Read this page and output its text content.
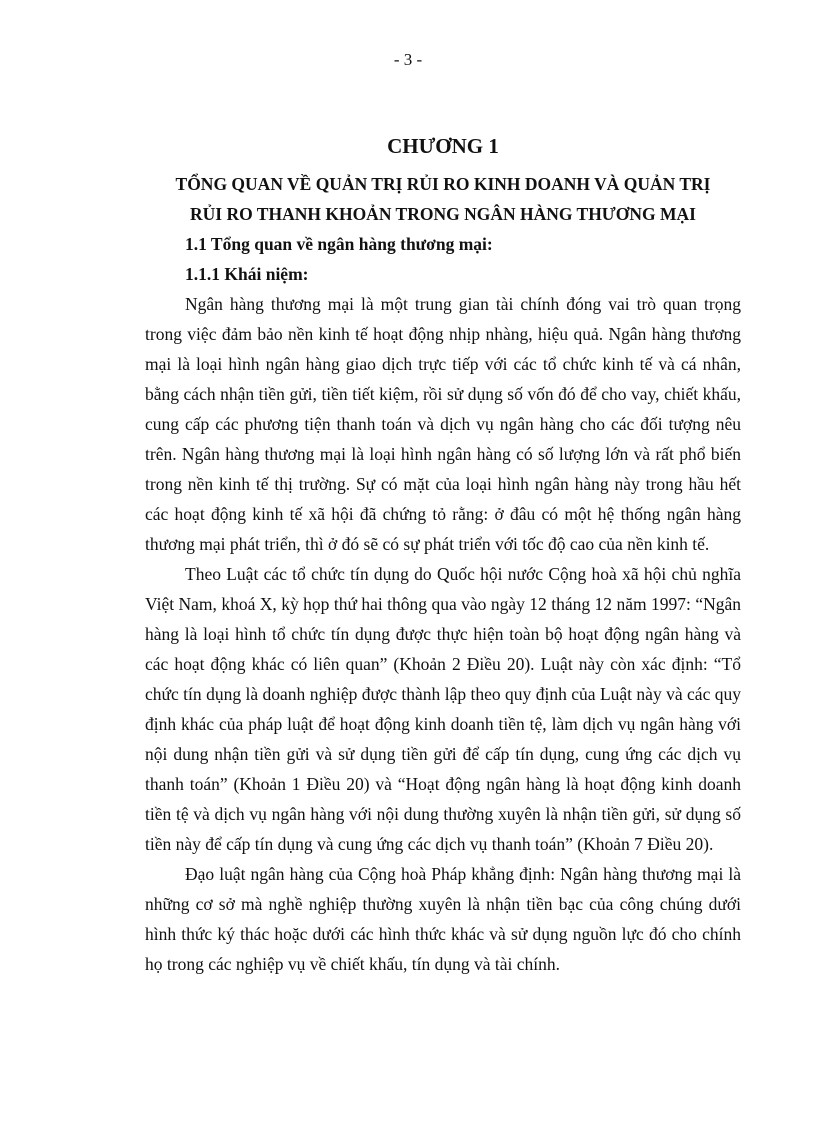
- 3 -
CHƯƠNG 1
TỔNG QUAN VỀ QUẢN TRỊ RỦI RO KINH DOANH VÀ QUẢN TRỊ
RỦI RO THANH KHOẢN TRONG NGÂN HÀNG THƯƠNG MẠI
1.1 Tổng quan về ngân hàng thương mại:
1.1.1 Khái niệm:

Ngân hàng thương mại là một trung gian tài chính đóng vai trò quan trọng trong việc đảm bảo nền kinh tế hoạt động nhịp nhàng, hiệu quả. Ngân hàng thương mại là loại hình ngân hàng giao dịch trực tiếp với các tổ chức kinh tế và cá nhân, bằng cách nhận tiền gửi, tiền tiết kiệm, rồi sử dụng số vốn đó để cho vay, chiết khấu, cung cấp các phương tiện thanh toán và dịch vụ ngân hàng cho các đối tượng nêu trên. Ngân hàng thương mại là loại hình ngân hàng có số lượng lớn và rất phổ biến trong nền kinh tế thị trường. Sự có mặt của loại hình ngân hàng này trong hầu hết các hoạt động kinh tế xã hội đã chứng tỏ rằng: ở đâu có một hệ thống ngân hàng thương mại phát triển, thì ở đó sẽ có sự phát triển với tốc độ cao của nền kinh tế.

Theo Luật các tổ chức tín dụng do Quốc hội nước Cộng hoà xã hội chủ nghĩa Việt Nam, khoá X, kỳ họp thứ hai thông qua vào ngày 12 tháng 12 năm 1997: “Ngân hàng là loại hình tổ chức tín dụng được thực hiện toàn bộ hoạt động ngân hàng và các hoạt động khác có liên quan” (Khoản 2 Điều 20). Luật này còn xác định: “Tổ chức tín dụng là doanh nghiệp được thành lập theo quy định của Luật này và các quy định khác của pháp luật để hoạt động kinh doanh tiền tệ, làm dịch vụ ngân hàng với nội dung nhận tiền gửi và sử dụng tiền gửi để cấp tín dụng, cung ứng các dịch vụ thanh toán” (Khoản 1 Điều 20) và “Hoạt động ngân hàng là hoạt động kinh doanh tiền tệ và dịch vụ ngân hàng với nội dung thường xuyên là nhận tiền gửi, sử dụng số tiền này để cấp tín dụng và cung ứng các dịch vụ thanh toán” (Khoản 7 Điều 20).

Đạo luật ngân hàng của Cộng hoà Pháp khẳng định: Ngân hàng thương mại là những cơ sở mà nghề nghiệp thường xuyên là nhận tiền bạc của công chúng dưới hình thức ký thác hoặc dưới các hình thức khác và sử dụng nguồn lực đó cho chính họ trong các nghiệp vụ về chiết khấu, tín dụng và tài chính.
